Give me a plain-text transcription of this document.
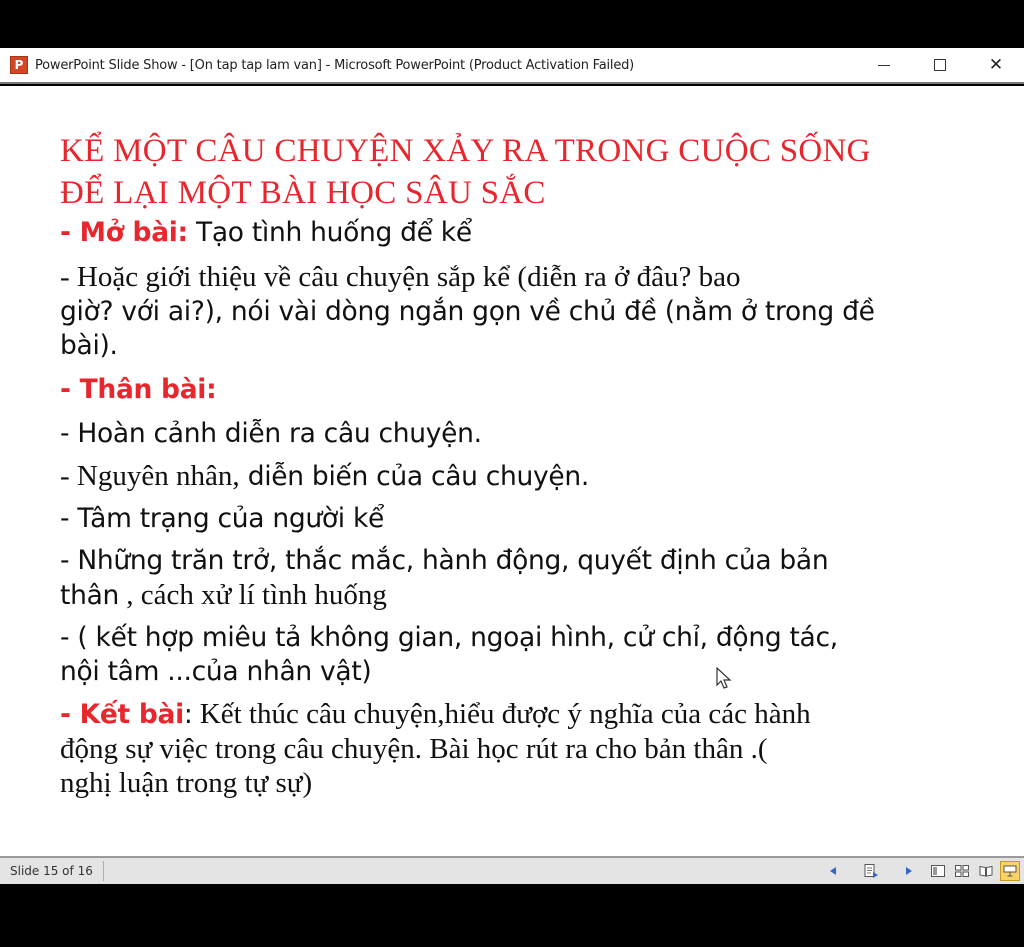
P PowerPoint Slide Show - [On tap tap lam van] - Microsoft PowerPoint (Product Activation Failed)	✕
KỂ MỘT CÂU CHUYỆN XẢY RA TRONG CUỘC SỐNG
ĐỂ LẠI MỘT BÀI HỌC SÂU SẮC
- Mở bài: Tạo tình huống để kể
- Hoặc giới thiệu về câu chuyện sắp kể (diễn ra ở đâu? bao
giờ? với ai?), nói vài dòng ngắn gọn về chủ đề (nằm ở trong đề
bài).
- Thân bài:
- Hoàn cảnh diễn ra câu chuyện.
- Nguyên nhân, diễn biến của câu chuyện.
- Tâm trạng của người kể
- Những trăn trở, thắc mắc, hành động, quyết định của bản
thân , cách xử lí tình huống
- ( kết hợp miêu tả không gian, ngoại hình, cử chỉ, động tác,
nội tâm ...của nhân vật)
- Kết bài: Kết thúc câu chuyện,hiểu được ý nghĩa của các hành
động sự việc trong câu chuyện. Bài học rút ra cho bản thân .(
nghị luận trong tự sự)
Slide 15 of 16
